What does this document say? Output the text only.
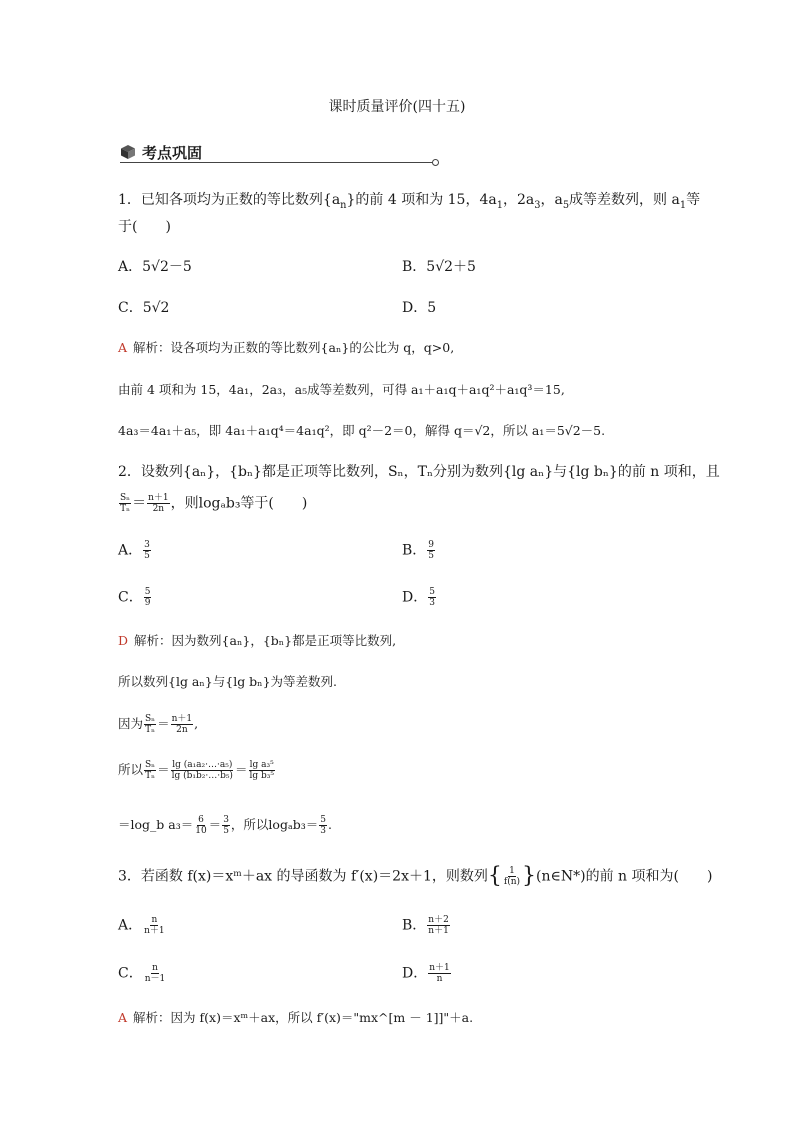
课时质量评价(四十五)
考点巩固
1．已知各项均为正数的等比数列$\{a_n\}$的前 4 项和为 15，$4a_1$，$2a_3$，$a_5$成等差数列，则 $a_1$等
于(　　)
A．5√2－5	B．5√2＋5
C．5√2	D．5
A 解析：设各项均为正数的等比数列{aₙ}的公比为 q，q>0,
由前 4 项和为 15，4a₁，2a₃，a₅成等差数列，可得 a₁＋a₁q＋a₁q²＋a₁q³＝15,
4a₃＝4a₁＋a₅，即 4a₁＋a₁q⁴＝4a₁q²，即 q²－2＝0，解得 q＝√2，所以 a₁＝5√2－5.
2．设数列{aₙ}，{bₙ}都是正项等比数列，Sₙ，Tₙ分别为数列{lg aₙ}与{lg bₙ}的前 n 项和，且
$\frac{\text{Sₙ}}{\text{Tₙ}} = \frac{n+1}{2n}$ ，则logₐb₃等于(　　)
A． $\frac{3}{5}$	B． $\frac{9}{5}$
C． $\frac{5}{9}$	D． $\frac{5}{3}$
D 解析：因为数列{aₙ}，{bₙ}都是正项等比数列,
所以数列{lg aₙ}与{lg bₙ}为等差数列.
因为 $\frac{\text{Sₙ}}{\text{Tₙ}} = \frac{n+1}{2n}$ ,
所以 $\frac{\text{Sₙ}}{\text{Tₙ}} = \frac{\text{lg (a₁a₂·…·a₅)}}{\text{lg (b₁b₂·…·b₅)}} = \frac{\text{lg a₃⁵}}{\text{lg b₃⁵}}$
＝log_b $a_3= \frac{6}{10} = \frac{3}{5}$ ，所以$\log_ab_3= \frac{5}{3}$ .
3．若函数 f(x)＝xᵐ＋ax 的导函数为 f′(x)＝2x＋1，则数列{ $\frac{1}{f(n)}$ }(n∈N*)的前 n 项和为(　　)
A． $\frac{n}{n+1}$	B． $\frac{n+2}{n+1}$
C． $\frac{n}{n-1}$	D． $\frac{n+1}{n}$
A 解析：因为 f(x)＝xᵐ＋ax，所以 f′(x)＝"mx^[m － 1]]"＋a.
